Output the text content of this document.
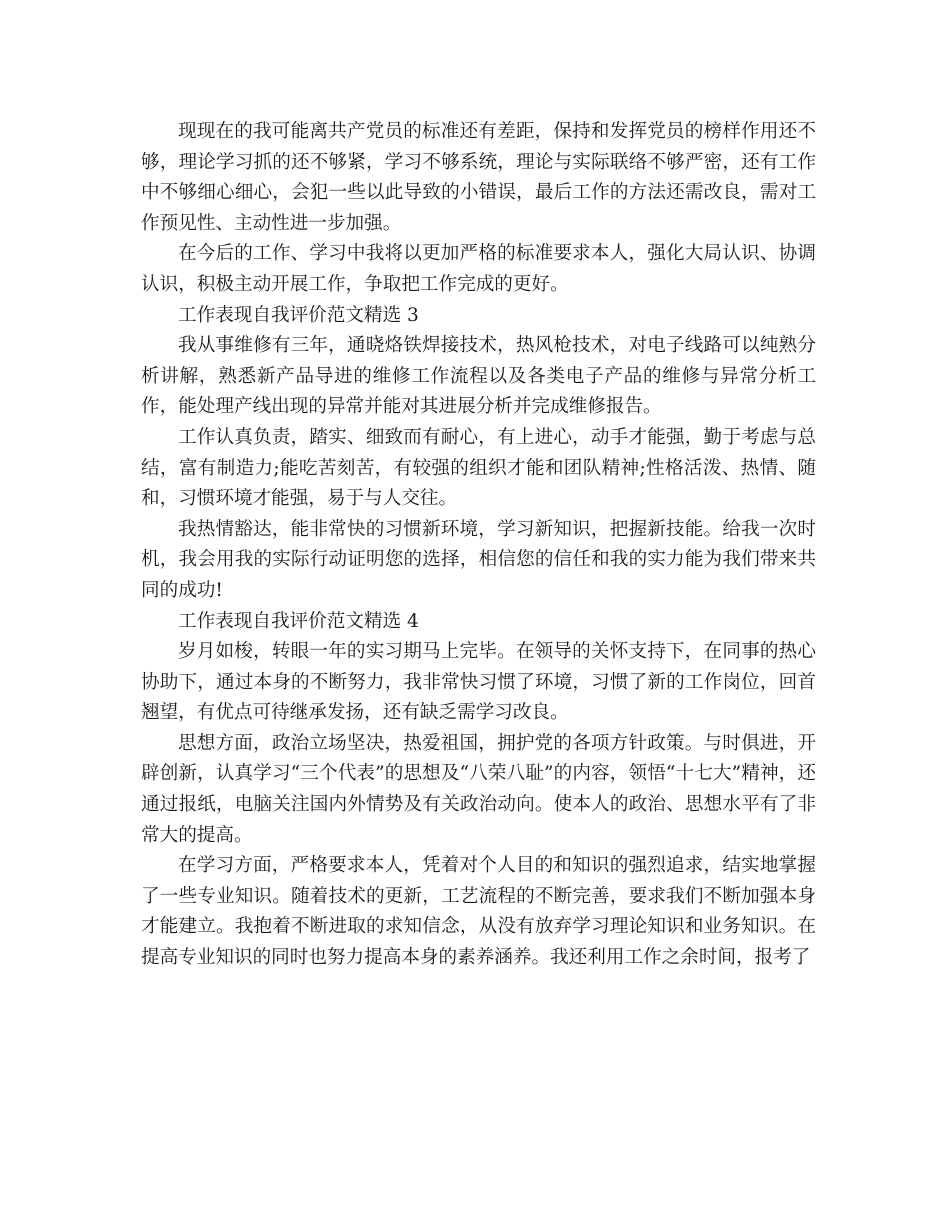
现现在的我可能离共产党员的标准还有差距，保持和发挥党员的榜样作用还不够，理论学习抓的还不够紧，学习不够系统，理论与实际联络不够严密，还有工作中不够细心细心，会犯一些以此导致的小错误，最后工作的方法还需改良，需对工作预见性、主动性进一步加强。

在今后的工作、学习中我将以更加严格的标准要求本人，强化大局认识、协调认识，积极主动开展工作，争取把工作完成的更好。

工作表现自我评价范文精选 3

我从事维修有三年，通晓烙铁焊接技术，热风枪技术，对电子线路可以纯熟分析讲解，熟悉新产品导进的维修工作流程以及各类电子产品的维修与异常分析工作，能处理产线出现的异常并能对其进展分析并完成维修报告。

工作认真负责，踏实、细致而有耐心，有上进心，动手才能强，勤于考虑与总结，富有制造力;能吃苦刻苦，有较强的组织才能和团队精神;性格活泼、热情、随和，习惯环境才能强，易于与人交往。

我热情豁达，能非常快的习惯新环境，学习新知识，把握新技能。给我一次时机，我会用我的实际行动证明您的选择，相信您的信任和我的实力能为我们带来共同的成功!

工作表现自我评价范文精选 4

岁月如梭，转眼一年的实习期马上完毕。在领导的关怀支持下，在同事的热心协助下，通过本身的不断努力，我非常快习惯了环境，习惯了新的工作岗位，回首翘望，有优点可待继承发扬，还有缺乏需学习改良。

思想方面，政治立场坚决，热爱祖国，拥护党的各项方针政策。与时俱进，开辟创新，认真学习“三个代表”的思想及“八荣八耻”的内容，领悟“十七大”精神，还通过报纸，电脑关注国内外情势及有关政治动向。使本人的政治、思想水平有了非常大的提高。

在学习方面，严格要求本人，凭着对个人目的和知识的强烈追求，结实地掌握了一些专业知识。随着技术的更新，工艺流程的不断完善，要求我们不断加强本身才能建立。我抱着不断进取的求知信念，从没有放弃学习理论知识和业务知识。在提高专业知识的同时也努力提高本身的素养涵养。我还利用工作之余时间，报考了
